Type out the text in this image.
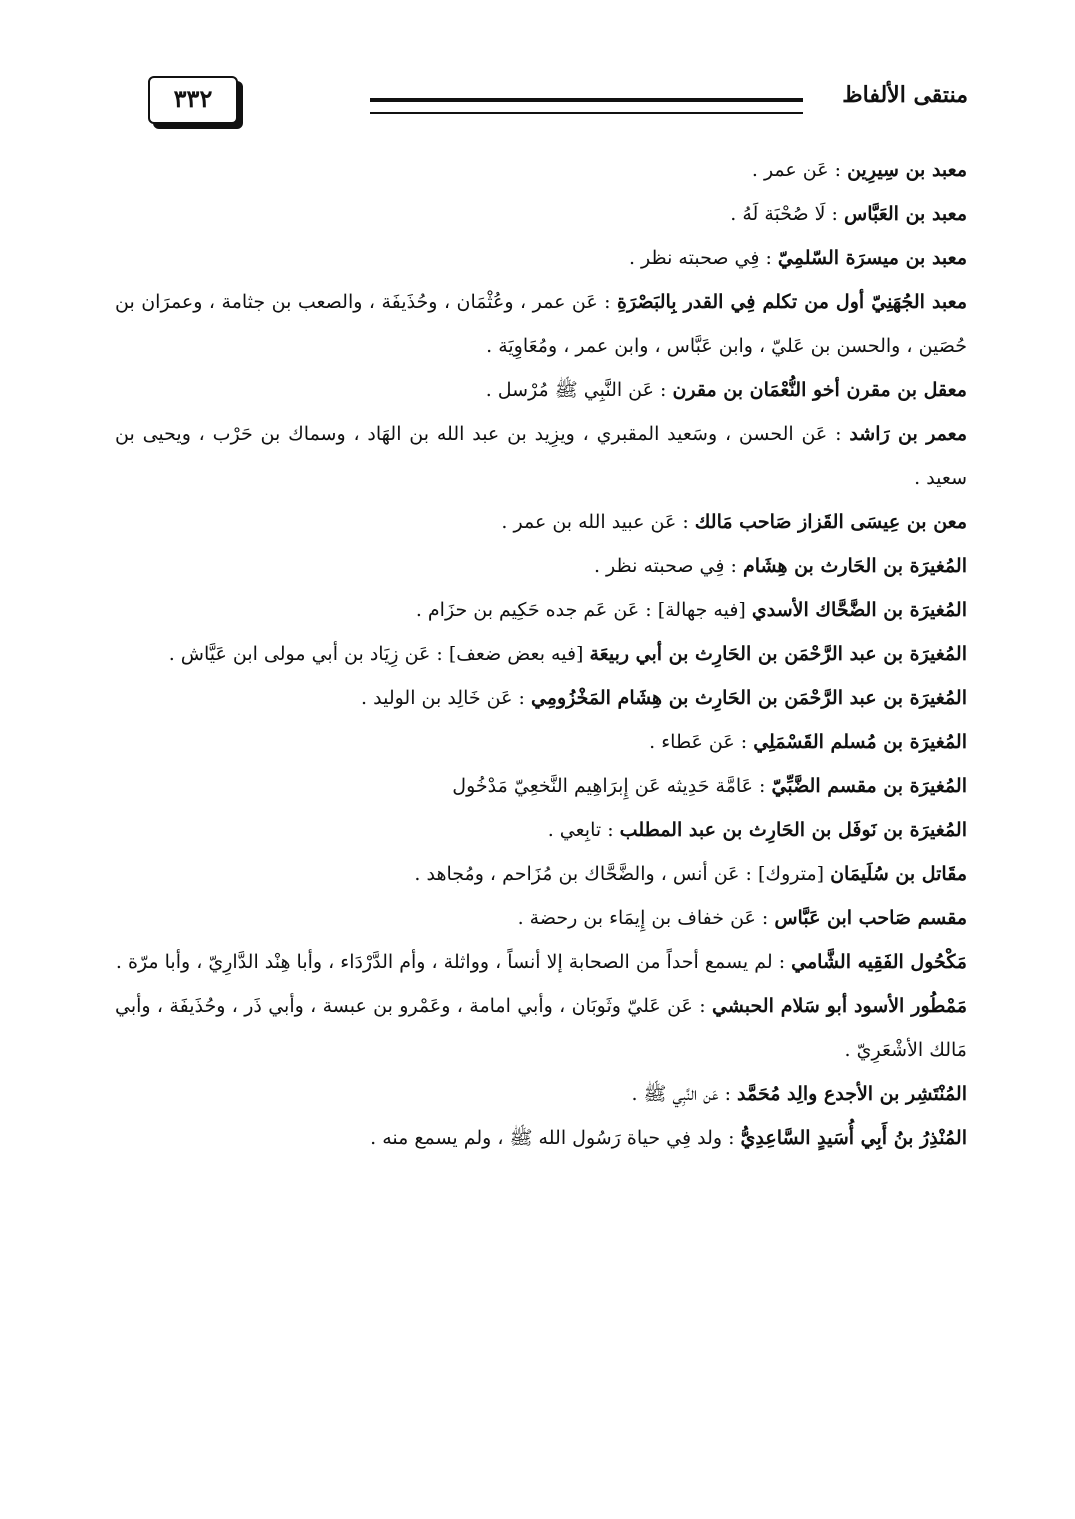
منتقى الألفاظ
٣٣٢

معبد بن سِيرِين : عَن عمر .

معبد بن العَبَّاس : لَا صُحْبَة لَهُ .

معبد بن ميسرَة السّلمِيّ : فِي صحبته نظر .

معبد الجُهَنِيّ أول من تكلم فِي القدر بِالبَصْرَةِ : عَن عمر ، وعُثْمَان ، وحُذَيفَة ، والصعب بن جثامة ، وعمرَان بن حُصَين ، والحسن بن عَليّ ، وابن عَبَّاس ، وابن عمر ، ومُعَاوِيَة .

معقل بن مقرن أخو النُّعْمَان بن مقرن : عَن النَّبِي ﷺ مُرْسل .

معمر بن رَاشد : عَن الحسن ، وسَعيد المقبري ، ويزِيد بن عبد الله بن الهَاد ، وسماك بن حَرْب ، ويحيى بن سعيد .

معن بن عِيسَى القَزاز صَاحب مَالك : عَن عبيد الله بن عمر .

المُغيرَة بن الحَارث بن هِشَام : فِي صحبته نظر .

المُغيرَة بن الضَّحَّاك الأسدي [فيه جهالة] : عَن عَم جده حَكِيم بن حزَام .

المُغيرَة بن عبد الرَّحْمَن بن الحَارِث بن أبي ربيعَة [فيه بعض ضعف] : عَن زِيَاد بن أبي مولى ابن عَيَّاش .

المُغيرَة بن عبد الرَّحْمَن بن الحَارِث بن هِشَام المَخْزُومِي : عَن خَالِد بن الوليد .

المُغيرَة بن مُسلم القَسْمَلِي : عَن عَطاء .

المُغيرَة بن مقسم الضَّبِّيّ : عَامَّة حَدِيثه عَن إِبرَاهِيم النَّخعِيّ مَدْخُول

المُغيرَة بن نَوفَل بن الحَارِث بن عبد المطلب : تابِعي .

مقَاتل بن سُلَيمَان [متروك] : عَن أنس ، والضَّحَّاك بن مُزَاحم ، ومُجاهد .

مقسم صَاحب ابن عَبَّاس : عَن خفاف بن إِيمَاء بن رحضة .

مَكْحُول الفَقِيه الشَّامي : لم يسمع أحداً من الصحابة إلا أنساً ، وواثلة ، وأم الدَّرْدَاء ، وأبا هِنْد الدَّارِيّ ، وأبا مرّة .

مَمْطُور الأسود أبو سَلام الحبشي : عَن عَليّ وثَوبَان ، وأبي امامة ، وعَمْرو بن عبسة ، وأبي ذَر ، وحُذَيفَة ، وأبي مَالك الأشْعَرِيّ .

المُنْتَشِر بن الأجدع والِد مُحَمَّد : عَن النَّبِي ﷺ .

المُنْذِرُ بنُ أَبِي أُسَيدٍ السَّاعِدِيُّ : ولد فِي حياة رَسُول الله ﷺ ، ولم يسمع منه .
